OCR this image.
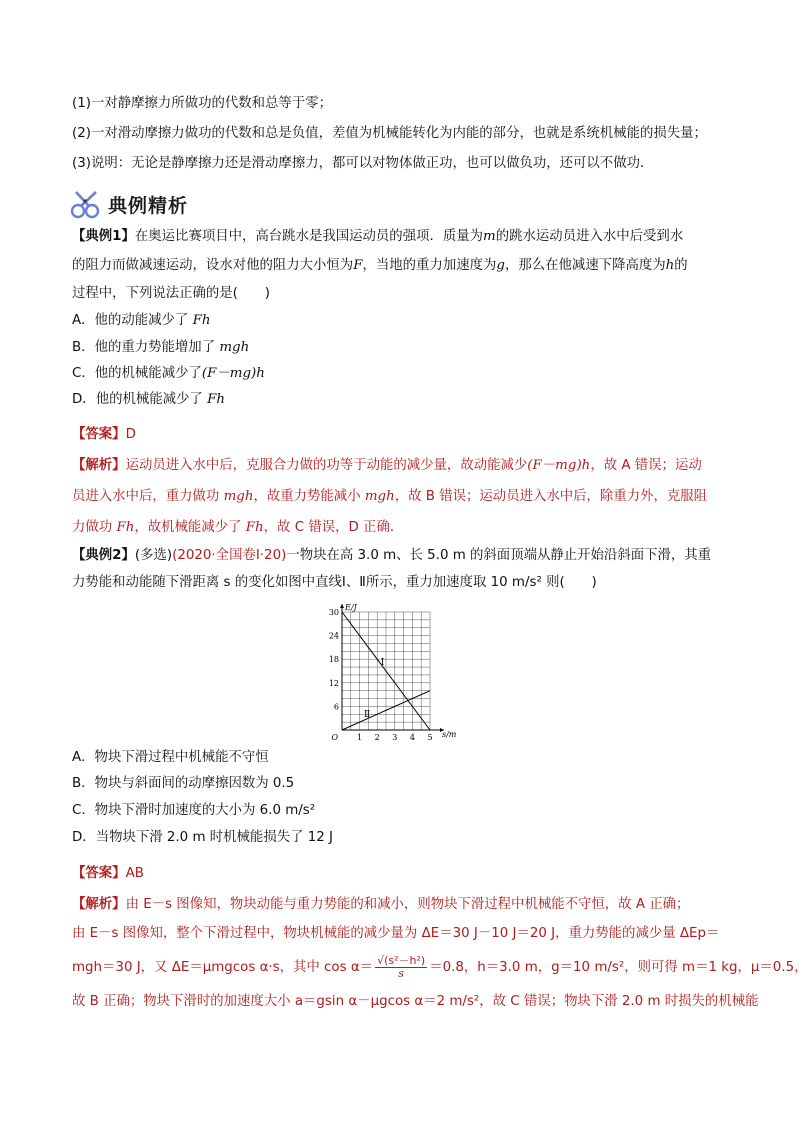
(1)一对静摩擦力所做功的代数和总等于零；
(2)一对滑动摩擦力做功的代数和总是负值，差值为机械能转化为内能的部分，也就是系统机械能的损失量；
(3)说明：无论是静摩擦力还是滑动摩擦力，都可以对物体做正功，也可以做负功，还可以不做功．
典例精析
【典例1】在奥运比赛项目中，高台跳水是我国运动员的强项．质量为m的跳水运动员进入水中后受到水
的阻力而做减速运动，设水对他的阻力大小恒为F，当地的重力加速度为g，那么在他减速下降高度为h的
过程中，下列说法正确的是(　　)
A．他的动能减少了 Fh
B．他的重力势能增加了 mgh
C．他的机械能减少了(F－mg)h
D．他的机械能减少了 Fh
【答案】D
【解析】运动员进入水中后，克服合力做的功等于动能的减少量，故动能减少(F－mg)h，故 A 错误；运动
员进入水中后，重力做功 mgh，故重力势能减小 mgh，故 B 错误；运动员进入水中后，除重力外，克服阻
力做功 Fh，故机械能减少了 Fh，故 C 错误，D 正确．
【典例2】(多选)(2020·全国卷Ⅰ·20)一物块在高 3.0 m、长 5.0 m 的斜面顶端从静止开始沿斜面下滑，其重
力势能和动能随下滑距离 s 的变化如图中直线Ⅰ、Ⅱ所示，重力加速度取 10 m/s² 则(　　)
Ⅰ
Ⅱ
1 2 3 4 5
6
12
18
24
30
O
E/J
s/m
A．物块下滑过程中机械能不守恒
B．物块与斜面间的动摩擦因数为 0.5
C．物块下滑时加速度的大小为 6.0 m/s²
D．当物块下滑 2.0 m 时机械能损失了 12 J
【答案】AB
【解析】由 E－s 图像知，物块动能与重力势能的和减小，则物块下滑过程中机械能不守恒，故 A 正确；
由 E－s 图像知，整个下滑过程中，物块机械能的减少量为 ΔE＝30 J－10 J＝20 J，重力势能的减少量 ΔEp＝
mgh＝30 J，又 ΔE＝μmgcos α·s，其中 $\cos \alpha= \frac{\text{√(s²－h²)}}{s} =0.8$，h＝3.0 m，g＝10 m/s²，则可得 m＝1 kg，μ＝0.5，
故 B 正确；物块下滑时的加速度大小 a＝gsin α－μgcos α＝2 m/s²，故 C 错误；物块下滑 2.0 m 时损失的机械能
